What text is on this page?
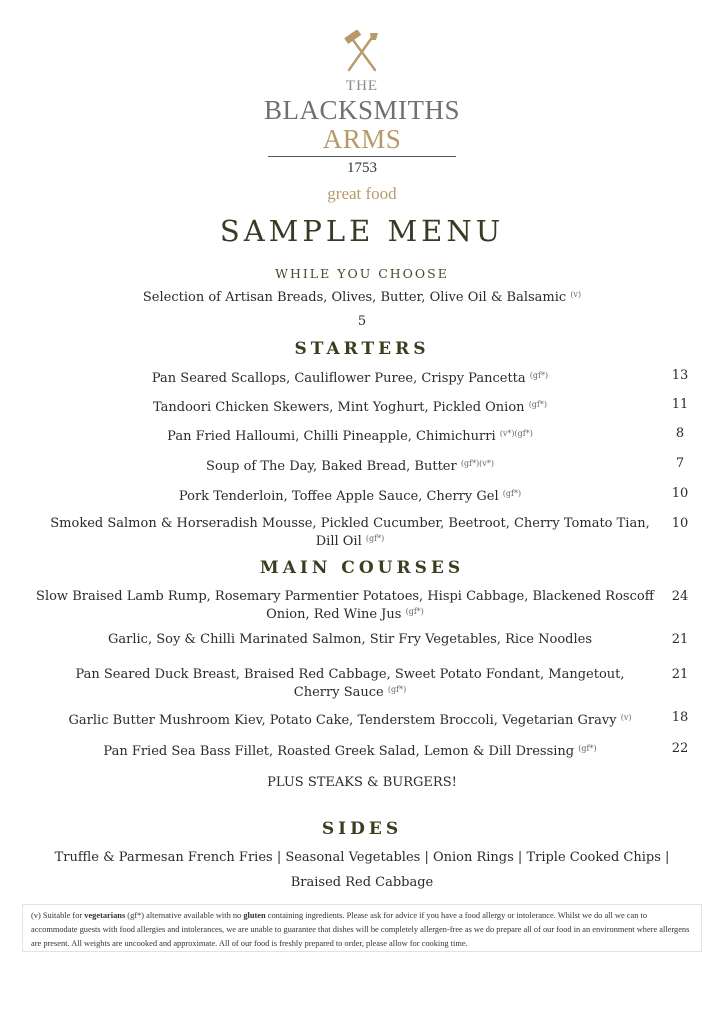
THE
BLACKSMITHS
ARMS
1753
great food
SAMPLE MENU
WHILE YOU CHOOSE
Selection of Artisan Breads, Olives, Butter, Olive Oil & Balsamic $^{(v)}$
5
STARTERS
Pan Seared Scallops, Cauliflower Puree, Crispy Pancetta $^{(gf*)}$	13
Tandoori Chicken Skewers, Mint Yoghurt, Pickled Onion $^{(gf*)}$	11
Pan Fried Halloumi, Chilli Pineapple, Chimichurri $^{(v*)(gf*)}$	8
Soup of The Day, Baked Bread, Butter $^{(gf*)(v*)}$	7
Pork Tenderloin, Toffee Apple Sauce, Cherry Gel $^{(gf*)}$	10
Smoked Salmon & Horseradish Mousse, Pickled Cucumber, Beetroot, Cherry Tomato Tian,
Dill Oil $^{(gf*)}$
10
MAIN COURSES
Slow Braised Lamb Rump, Rosemary Parmentier Potatoes, Hispi Cabbage, Blackened Roscoff
Onion, Red Wine Jus $^{(gf*)}$
24
Garlic, Soy & Chilli Marinated Salmon, Stir Fry Vegetables, Rice Noodles	21
Pan Seared Duck Breast, Braised Red Cabbage, Sweet Potato Fondant, Mangetout,
Cherry Sauce $^{(gf*)}$
21
Garlic Butter Mushroom Kiev, Potato Cake, Tenderstem Broccoli, Vegetarian Gravy $^{(v)}$	18
Pan Fried Sea Bass Fillet, Roasted Greek Salad, Lemon & Dill Dressing $^{(gf*)}$	22
PLUS STEAKS & BURGERS!
SIDES
Truffle & Parmesan French Fries | Seasonal Vegetables | Onion Rings | Triple Cooked Chips |
Braised Red Cabbage
(v) Suitable for vegetarians (gf*) alternative available with no gluten containing ingredients. Please ask for advice if you have a food allergy or intolerance. Whilst we do all we can to accommodate guests with food allergies and intolerances, we are unable to guarantee that dishes will be completely allergen-free as we do prepare all of our food in an environment where allergens are present. All weights are uncooked and approximate. All of our food is freshly prepared to order, please allow for cooking time.
